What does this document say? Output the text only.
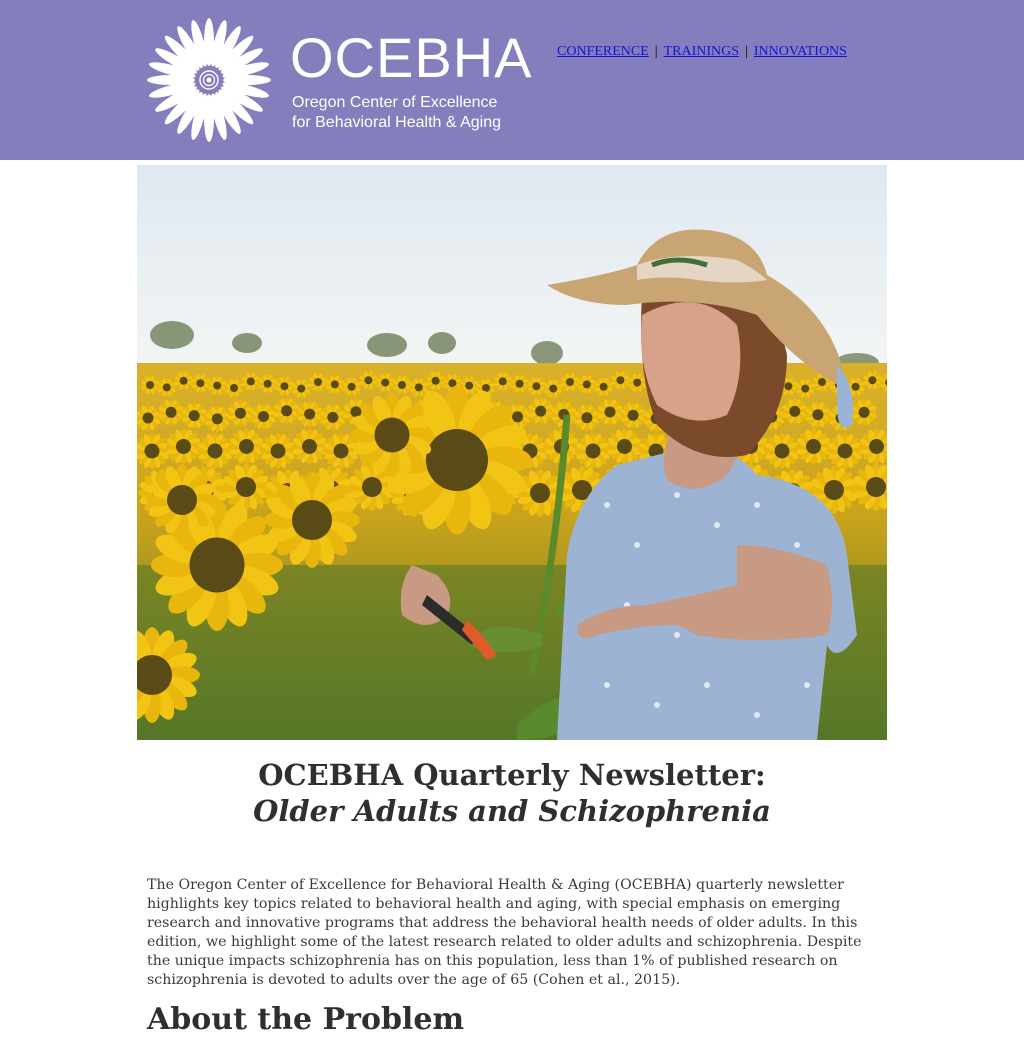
OCEBHA
Oregon Center of Excellence
for Behavioral Health & Aging
CONFERENCE | TRAININGS | INNOVATIONS
OCEBHA Quarterly Newsletter:
Older Adults and Schizophrenia

The Oregon Center of Excellence for Behavioral Health & Aging (OCEBHA) quarterly newsletter highlights key topics related to behavioral health and aging, with special emphasis on emerging research and innovative programs that address the behavioral health needs of older adults. In this edition, we highlight some of the latest research related to older adults and schizophrenia. Despite the unique impacts schizophrenia has on this population, less than 1% of published research on schizophrenia is devoted to adults over the age of 65 (Cohen et al., 2015).

About the Problem
